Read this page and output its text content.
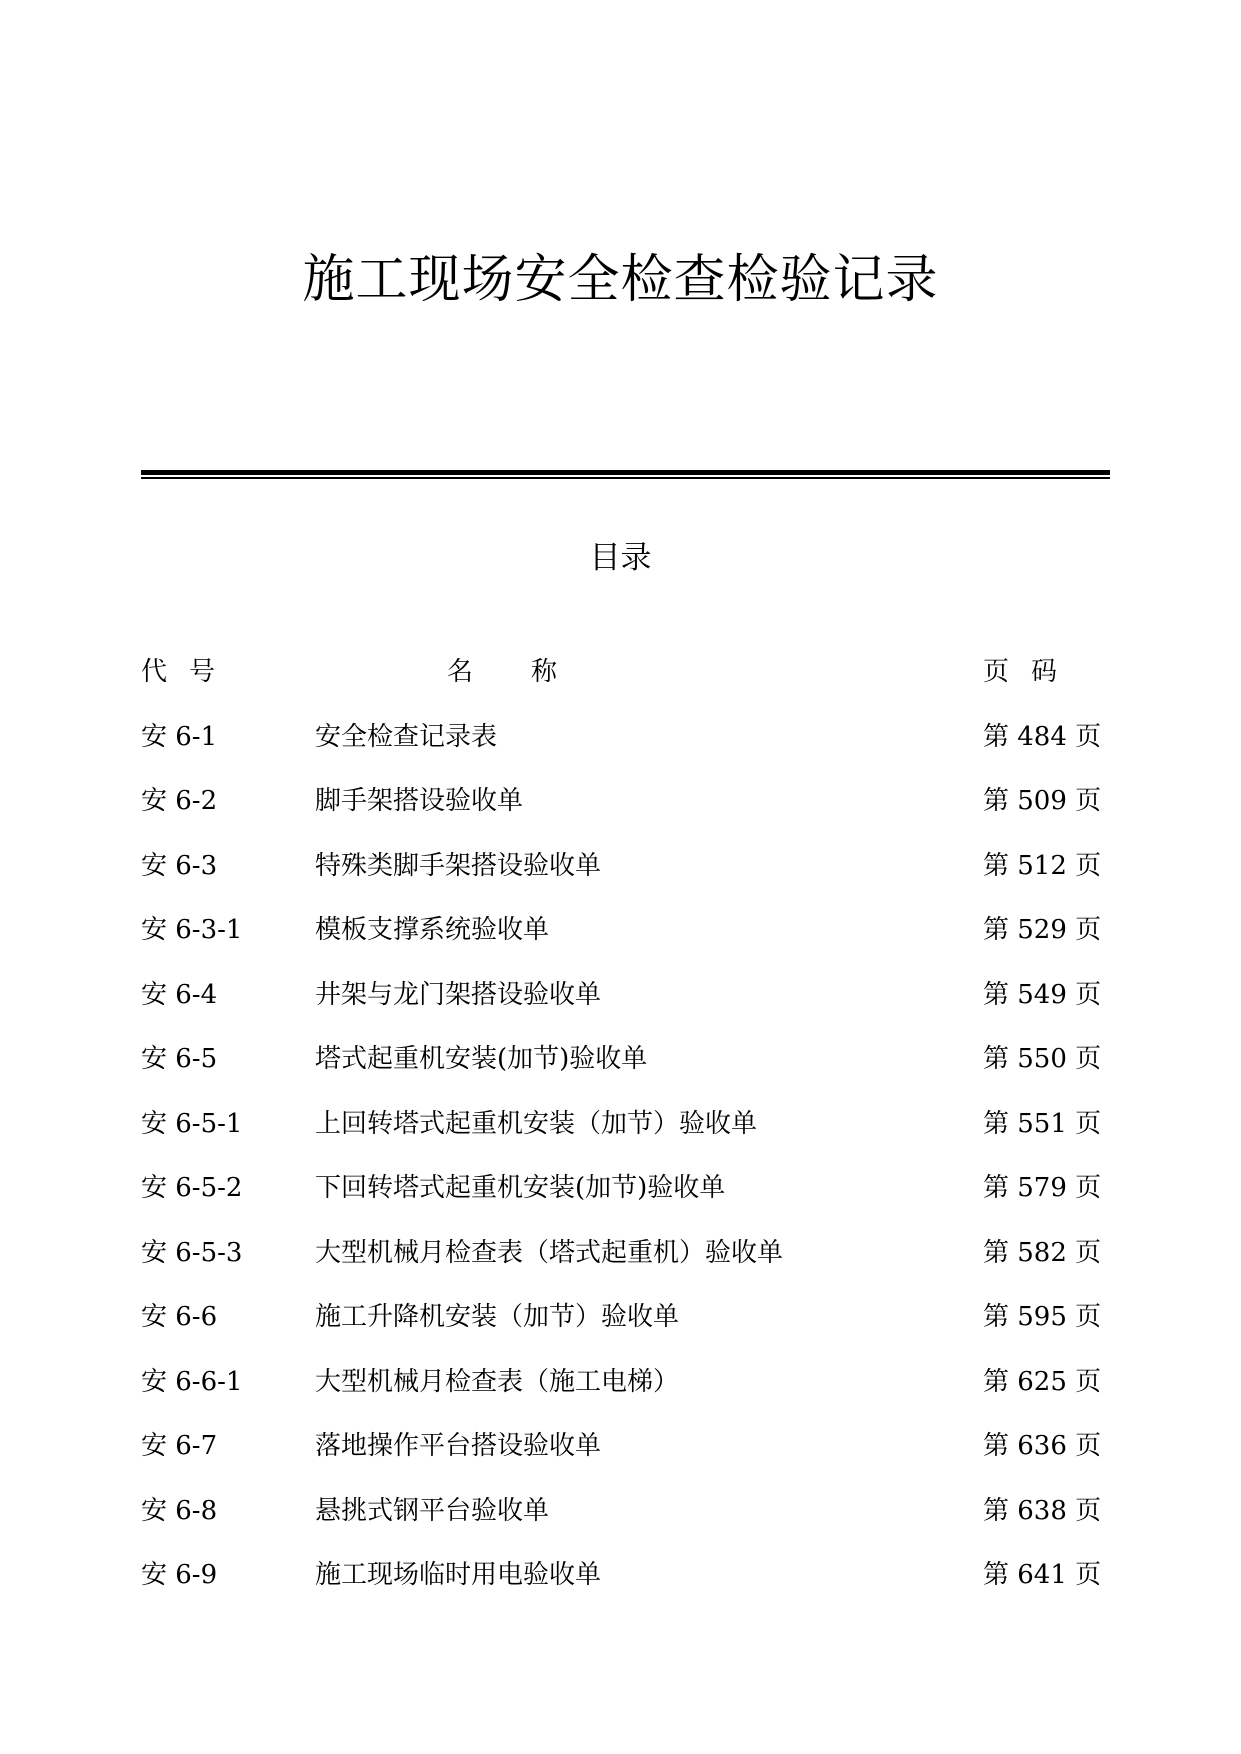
施工现场安全检查检验记录
目录
代号	名称	页码
安 6-1	安全检查记录表	第 484 页
安 6-2	脚手架搭设验收单	第 509 页
安 6-3	特殊类脚手架搭设验收单	第 512 页
安 6-3-1	模板支撑系统验收单	第 529 页
安 6-4	井架与龙门架搭设验收单	第 549 页
安 6-5	塔式起重机安装(加节)验收单	第 550 页
安 6-5-1	上回转塔式起重机安装（加节）验收单	第 551 页
安 6-5-2	下回转塔式起重机安装(加节)验收单	第 579 页
安 6-5-3	大型机械月检查表（塔式起重机）验收单	第 582 页
安 6-6	施工升降机安装（加节）验收单	第 595 页
安 6-6-1	大型机械月检查表（施工电梯）	第 625 页
安 6-7	落地操作平台搭设验收单	第 636 页
安 6-8	悬挑式钢平台验收单	第 638 页
安 6-9	施工现场临时用电验收单	第 641 页
